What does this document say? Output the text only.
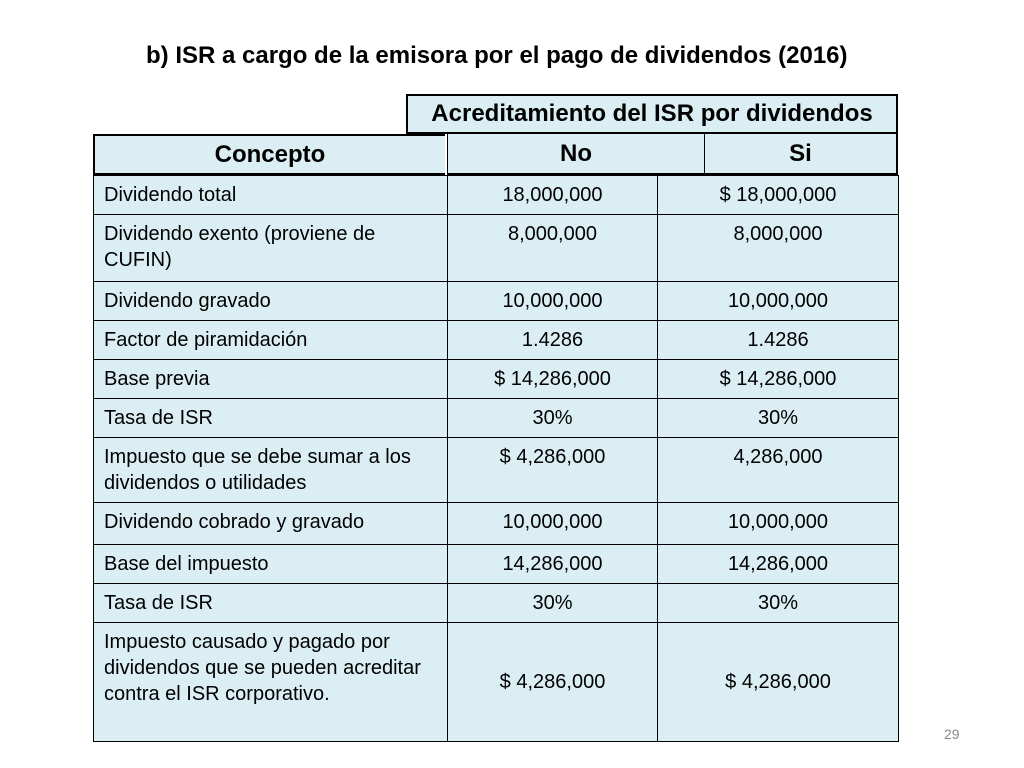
b) ISR a cargo de la emisora por el pago de dividendos (2016)
Acreditamiento del ISR por dividendos
Concepto	No	Si
Dividendo total	18,000,000	$ 18,000,000
Dividendo exento (proviene de CUFIN)	8,000,000	8,000,000
Dividendo gravado	10,000,000	10,000,000
Factor de piramidación	1.4286	1.4286
Base previa	$ 14,286,000	$ 14,286,000
Tasa de ISR	30%	30%
Impuesto que se debe sumar a los dividendos o utilidades	$ 4,286,000	4,286,000
Dividendo cobrado y gravado	10,000,000	10,000,000
Base del impuesto	14,286,000	14,286,000
Tasa de ISR	30%	30%
Impuesto causado y pagado por dividendos que se pueden acreditar contra el ISR corporativo.	$ 4,286,000	$ 4,286,000
29
